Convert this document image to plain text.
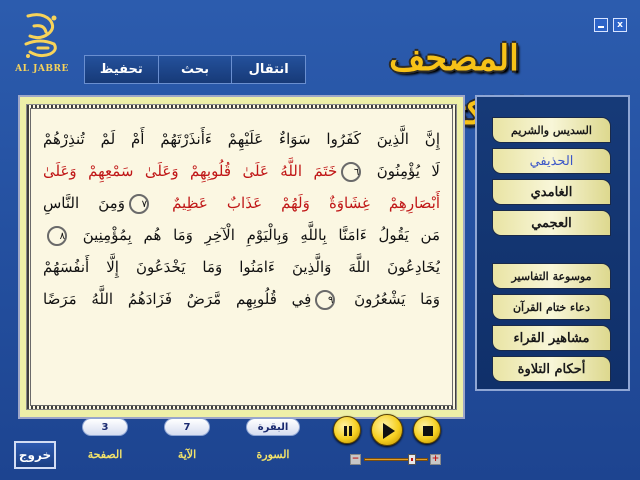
x
AL JABRE	تحفيظ	بحث	انتقال	المصحف
إِنَّ الَّذِينَ كَفَرُوا سَوَاءٌ عَلَيْهِمْ ءَأَنذَرْتَهُمْ أَمْ لَمْ تُنذِرْهُمْ
لَا يُؤْمِنُونَ ٦خَتَمَ اللَّهُ عَلَىٰ قُلُوبِهِمْ وَعَلَىٰ سَمْعِهِمْ وَعَلَىٰ
أَبْصَارِهِمْ غِشَاوَةٌ وَلَهُمْ عَذَابٌ عَظِيمٌ ٧وَمِنَ النَّاسِ
مَن يَقُولُ ءَامَنَّا بِاللَّهِ وَبِالْيَوْمِ الْآخِرِ وَمَا هُم بِمُؤْمِنِينَ ٨
يُخَادِعُونَ اللَّهَ وَالَّذِينَ ءَامَنُوا وَمَا يَخْدَعُونَ إِلَّا أَنفُسَهُمْ
وَمَا يَشْعُرُونَ ٩فِي قُلُوبِهِم مَّرَضٌ فَزَادَهُمُ اللَّهُ مَرَضًا
السديس والشريم
الحذيفي
الغامدي
العجمي
موسوعة التفاسير
دعاء ختام القرآن
مشاهير القراء
أحكام التلاوة
خروج
3	7	البقرة
الصفحة	الآية	السورة	−	+
